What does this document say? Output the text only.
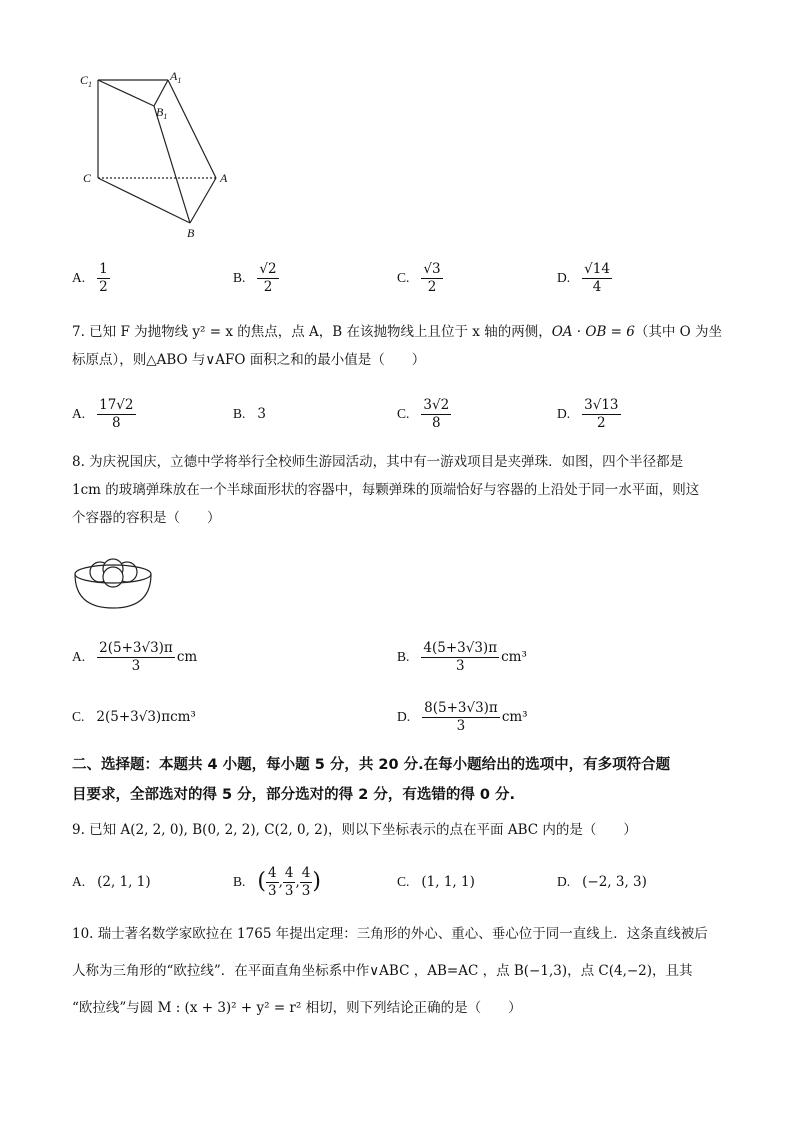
$C_1$
$A_1$
$B_1$
C	A
B
A. $\frac{1}{2}$	B. $\frac{√2}{2}$	C. $\frac{√3}{2}$	D. $\frac{√14}{4}$
7. 已知 F 为抛物线 y² = x 的焦点，点 A，B 在该抛物线上且位于 x 轴的两侧，OA · OB = 6（其中 O 为坐
标原点），则△ABO 与∨AFO 面积之和的最小值是（　　）
A. $\frac{17√2}{8}$	B. 3	C. $\frac{3√2}{8}$	D. $\frac{3√13}{2}$
8. 为庆祝国庆，立德中学将举行全校师生游园活动，其中有一游戏项目是夹弹珠．如图，四个半径都是
1cm 的玻璃弹珠放在一个半球面形状的容器中，每颗弹珠的顶端恰好与容器的上沿处于同一水平面，则这
个容器的容积是（　　）
A. $\frac{2(5+3√3)\pi}{3}$ cm	B. $\frac{4(5+3√3)\pi}{3} cm^3$
C. 2(5+3√3)πcm³	D. $\frac{8(5+3√3)\pi}{3} cm^3$
二、选择题：本题共 4 小题，每小题 5 分，共 20 分.在每小题给出的选项中，有多项符合题
目要求，全部选对的得 5 分，部分选对的得 2 分，有选错的得 0 分.
9. 已知 A(2, 2, 0), B(0, 2, 2), C(2, 0, 2)，则以下坐标表示的点在平面 ABC 内的是（　　）
A. (2, 1, 1)	B. ( $\frac{4}{3}$ , $\frac{4}{3}$ , $\frac{4}{3}$ )	C. (1, 1, 1)	D. (−2, 3, 3)
10. 瑞士著名数学家欧拉在 1765 年提出定理：三角形的外心、重心、垂心位于同一直线上．这条直线被后
人称为三角形的“欧拉线”．在平面直角坐标系中作∨ABC ，AB=AC ，点 B(−1,3)，点 C(4,−2)，且其
“欧拉线”与圆 M : (x + 3)² + y² = r² 相切，则下列结论正确的是（　　）
